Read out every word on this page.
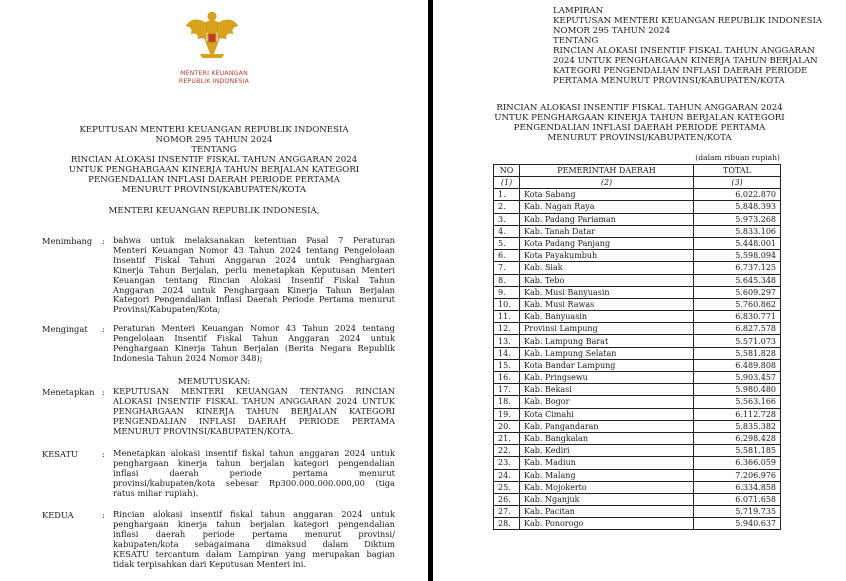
MENTERI KEUANGAN
REPUBLIK INDONESIA
KEPUTUSAN MENTERI KEUANGAN REPUBLIK INDONESIA
NOMOR 295 TAHUN 2024
TENTANG
RINCIAN ALOKASI INSENTIF FISKAL TAHUN ANGGARAN 2024
UNTUK PENGHARGAAN KINERJA TAHUN BERJALAN KATEGORI
PENGENDALIAN INFLASI DAERAH PERIODE PERTAMA
MENURUT PROVINSI/KABUPATEN/KOTA
MENTERI KEUANGAN REPUBLIK INDONESIA,
Menimbang : bahwa untuk melaksanakan ketentuan Pasal 7 Peraturan
Menteri Keuangan Nomor 43 Tahun 2024 tentang Pengelolaan
Insentif Fiskal Tahun Anggaran 2024 untuk Penghargaan
Kinerja Tahun Berjalan, perlu menetapkan Keputusan Menteri
Keuangan tentang Rincian Alokasi Insentif Fiskal Tahun
Anggaran 2024 untuk Penghargaan Kinerja Tahun Berjalan
Kategori Pengendalian Inflasi Daerah Periode Pertama menurut
Provinsi/Kabupaten/Kota;
Mengingat : Peraturan Menteri Keuangan Nomor 43 Tahun 2024 tentang
Pengelolaan Insentif Fiskal Tahun Anggaran 2024 untuk
Penghargaan Kinerja Tahun Berjalan (Berita Negara Republik
Indonesia Tahun 2024 Nomor 348);
MEMUTUSKAN:
Menetapkan : KEPUTUSAN MENTERI KEUANGAN TENTANG RINCIAN
ALOKASI INSENTIF FISKAL TAHUN ANGGARAN 2024 UNTUK
PENGHARGAAN KINERJA TAHUN BERJALAN KATEGORI
PENGENDALIAN INFLASI DAERAH PERIODE PERTAMA
MENURUT PROVINSI/KABUPATEN/KOTA.
KESATU	: Menetapkan alokasi insentif fiskal tahun anggaran 2024 untuk
penghargaan kinerja tahun berjalan kategori pengendalian
inflasi daerah periode pertama menurut
provinsi/kabupaten/kota sebesar Rp300.000.000.000,00 (tiga
ratus miliar rupiah).
KEDUA	: Rincian alokasi insentif fiskal tahun anggaran 2024 untuk
penghargaan kinerja tahun berjalan kategori pengendalian
inflasi daerah periode pertama menurut provinsi/
kabupaten/kota sebagaimana dimaksud dalam Diktum
KESATU tercantum dalam Lampiran yang merupakan bagian
tidak terpisahkan dari Keputusan Menteri ini.
LAMPIRAN
KEPUTUSAN MENTERI KEUANGAN REPUBLIK INDONESIA
NOMOR 295 TAHUN 2024
TENTANG
RINCIAN ALOKASI INSENTIF FISKAL TAHUN ANGGARAN
2024 UNTUK PENGHARGAAN KINERJA TAHUN BERJALAN
KATEGORI PENGENDALIAN INFLASI DAERAH PERIODE
PERTAMA MENURUT PROVINSI/KABUPATEN/KOTA
RINCIAN ALOKASI INSENTIF FISKAL TAHUN ANGGARAN 2024
UNTUK PENGHARGAAN KINERJA TAHUN BERJALAN KATEGORI
PENGENDALIAN INFLASI DAERAH PERIODE PERTAMA
MENURUT PROVINSI/KABUPATEN/KOTA
(dalam ribuan rupiah)
NO	PEMERINTAH DAERAH	TOTAL
(1)	(2)	(3)
1.	Kota Sabang	6.022.870
2.	Kab. Nagan Raya	5.848.393
3.	Kab. Padang Pariaman	5.973.268
4.	Kab. Tanah Datar	5.833.106
5.	Kota Padang Panjang	5.448.001
6.	Kota Payakumbuh	5.598.094
7.	Kab. Siak	6.737.125
8.	Kab. Tebo	5.645.348
9.	Kab. Musi Banyuasin	5.609.297
10.	Kab. Musi Rawas	5.760.862
11.	Kab. Banyuasin	6.830.771
12.	Provinsi Lampung	6.827.578
13.	Kab. Lampung Barat	5.571.073
14.	Kab. Lampung Selatan	5.581.828
15.	Kota Bandar Lampung	6.489.808
16.	Kab. Pringsewu	5.903.457
17.	Kab. Bekasi	5.980.480
18.	Kab. Bogor	5.563.166
19.	Kota Cimahi	6.112.728
20.	Kab. Pangandaran	5.835.382
21.	Kab. Bangkalan	6.298.428
22.	Kab. Kediri	5.581.185
23.	Kab. Madiun	6.366.059
24.	Kab. Malang	7.206.976
25.	Kab. Mojokerto	6.334.858
26.	Kab. Nganjuk	6.071.658
27.	Kab. Pacitan	5.719.735
28.	Kab. Ponorogo	5.940.637
